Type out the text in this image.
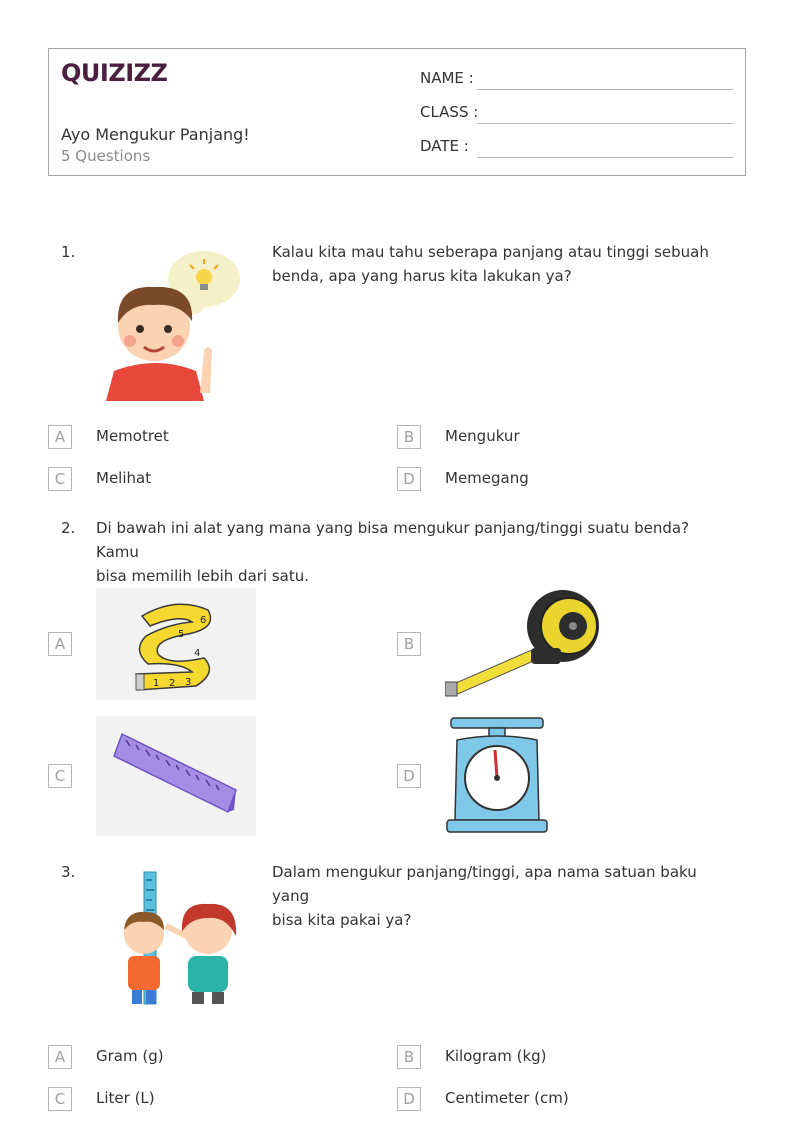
QUIZIZZ
Ayo Mengukur Panjang!
5 Questions
NAME :
CLASS :
DATE :
1.	Kalau kita mau tahu seberapa panjang atau tinggi sebuah
benda, apa yang harus kita lakukan ya?
A	Memotret	B	Mengukur
C	Melihat	D	Memegang
2. Di bawah ini alat yang mana yang bisa mengukur panjang/tinggi suatu benda? Kamu
bisa memilih lebih dari satu.
A
1 2 3
4
5
6
B
C	D
3.	Dalam mengukur panjang/tinggi, apa nama satuan baku yang
bisa kita pakai ya?
A	Gram (g)	B	Kilogram (kg)
C	Liter (L)	D	Centimeter (cm)
